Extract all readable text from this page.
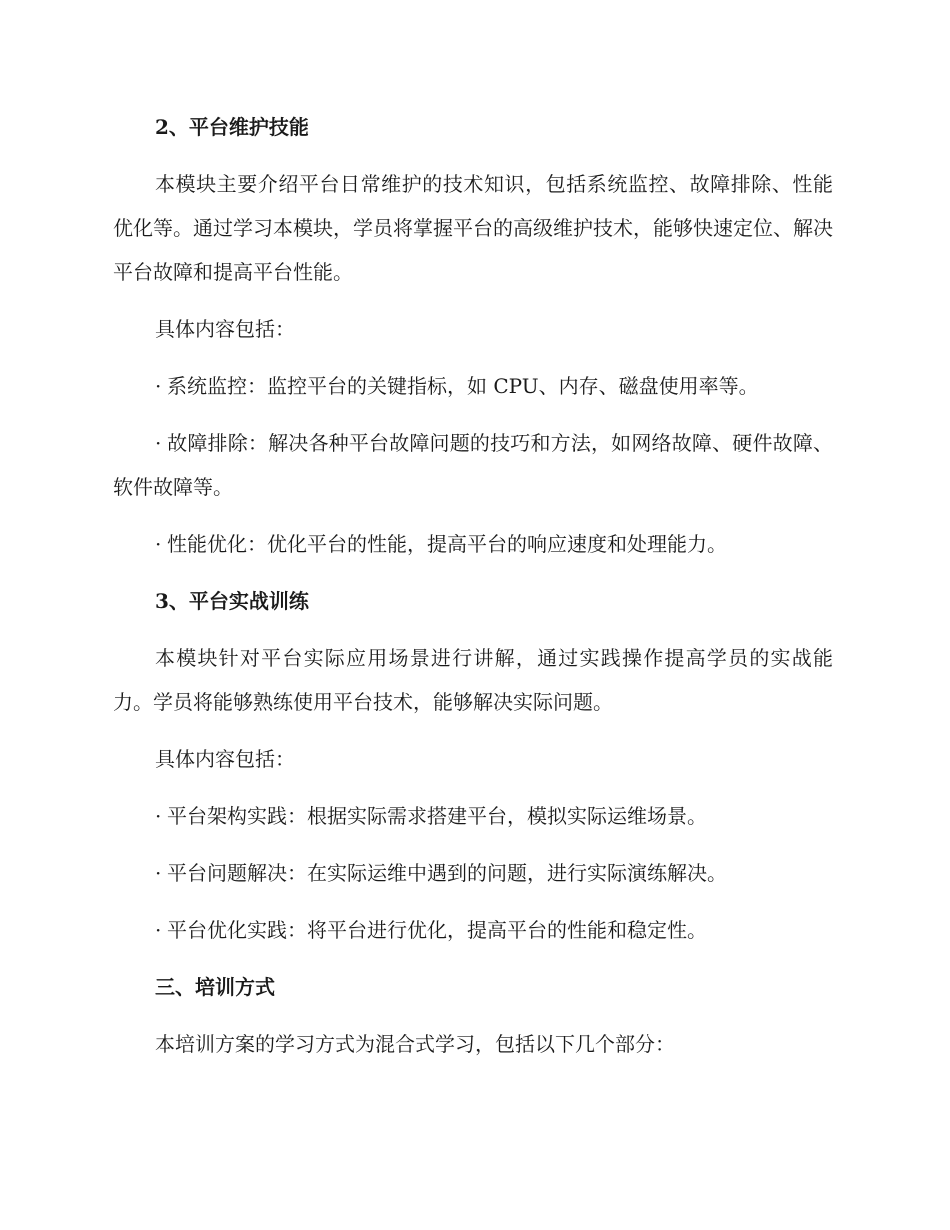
2、平台维护技能

本模块主要介绍平台日常维护的技术知识，包括系统监控、故障排除、性能优化等。通过学习本模块，学员将掌握平台的高级维护技术，能够快速定位、解决平台故障和提高平台性能。

具体内容包括：

· 系统监控：监控平台的关键指标，如 CPU、内存、磁盘使用率等。

· 故障排除：解决各种平台故障问题的技巧和方法，如网络故障、硬件故障、软件故障等。

· 性能优化：优化平台的性能，提高平台的响应速度和处理能力。

3、平台实战训练

本模块针对平台实际应用场景进行讲解，通过实践操作提高学员的实战能力。学员将能够熟练使用平台技术，能够解决实际问题。

具体内容包括：

· 平台架构实践：根据实际需求搭建平台，模拟实际运维场景。

· 平台问题解决：在实际运维中遇到的问题，进行实际演练解决。

· 平台优化实践：将平台进行优化，提高平台的性能和稳定性。

三、培训方式

本培训方案的学习方式为混合式学习，包括以下几个部分：
